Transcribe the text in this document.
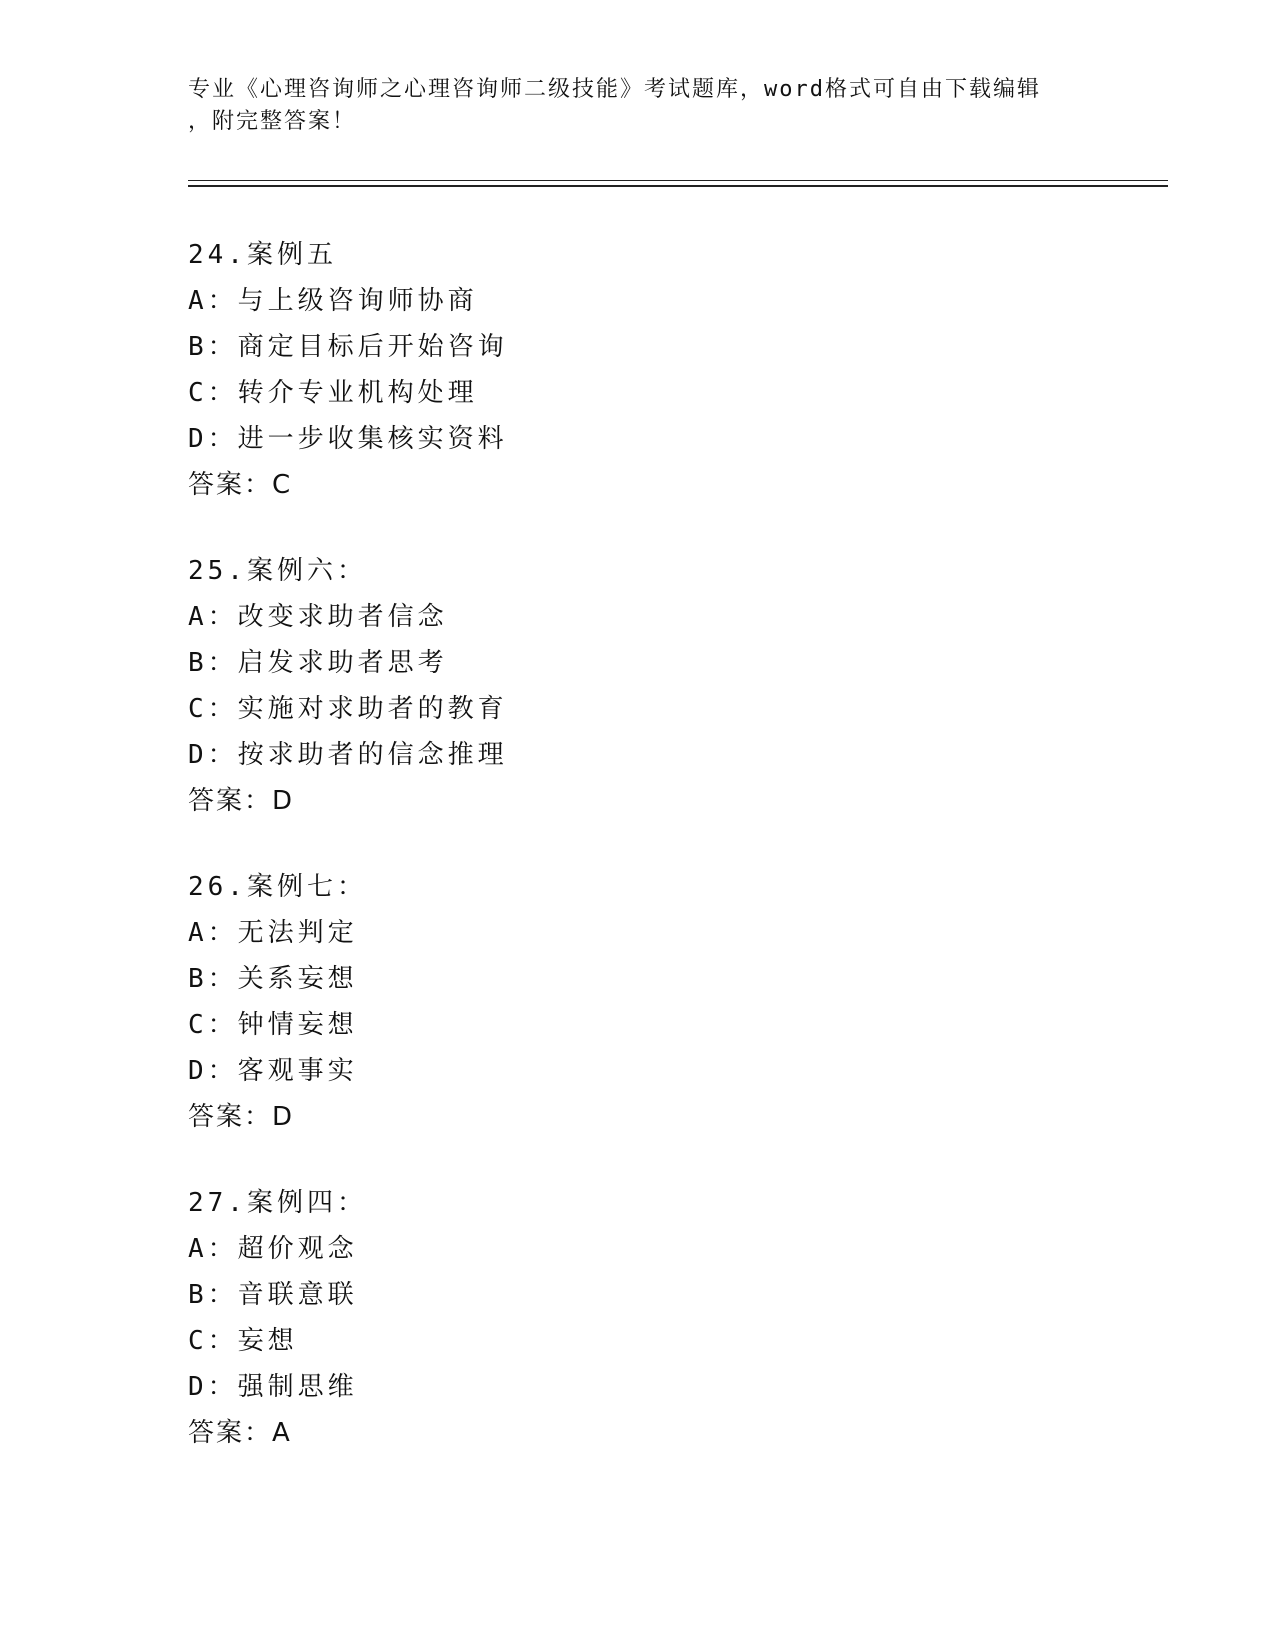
专业《心理咨询师之心理咨询师二级技能》考试题库，word格式可自由下载编辑
，附完整答案！
24.案例五
A：与上级咨询师协商
B：商定目标后开始咨询
C：转介专业机构处理
D：进一步收集核实资料
答案：C
25.案例六：
A：改变求助者信念
B：启发求助者思考
C：实施对求助者的教育
D：按求助者的信念推理
答案：D
26.案例七：
A：无法判定
B：关系妄想
C：钟情妄想
D：客观事实
答案：D
27.案例四：
A：超价观念
B：音联意联
C：妄想
D：强制思维
答案：A
